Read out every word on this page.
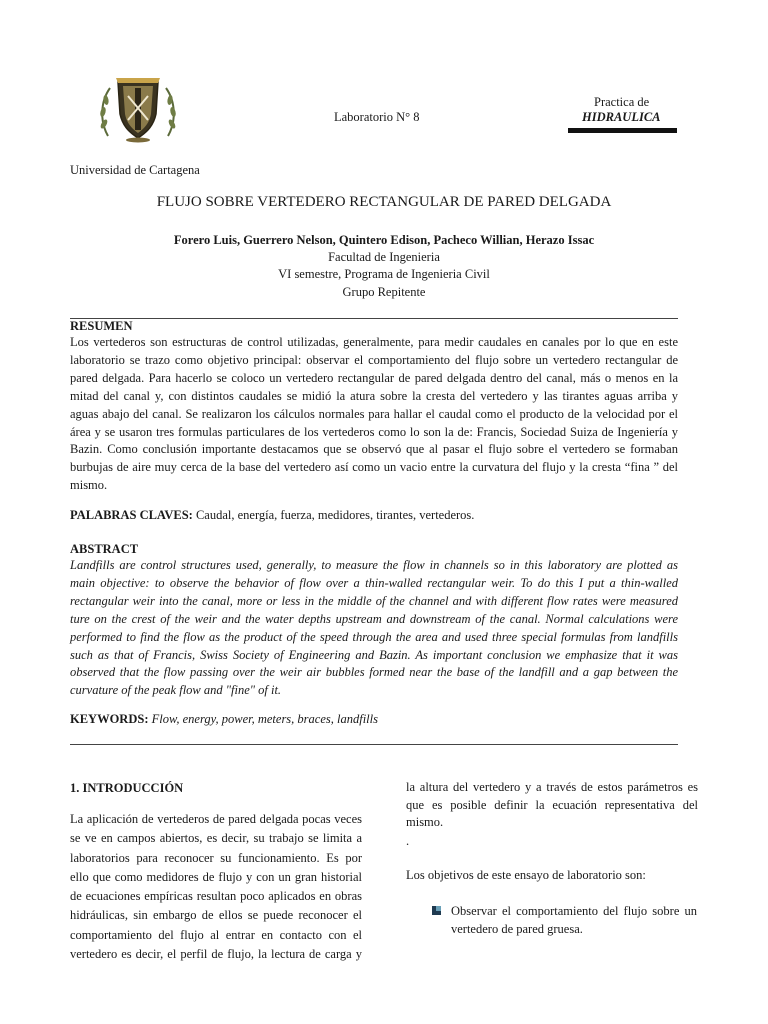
Laboratorio N° 8
Practica de
HIDRAULICA
Universidad de Cartagena
FLUJO SOBRE VERTEDERO RECTANGULAR DE PARED DELGADA
Forero Luis, Guerrero Nelson, Quintero Edison, Pacheco Willian, Herazo Issac
Facultad de Ingenieria
VI semestre, Programa de Ingenieria Civil
Grupo Repitente
RESUMEN
Los vertederos son estructuras de control utilizadas, generalmente, para medir caudales en canales por lo que en este
laboratorio se trazo como objetivo principal: observar el comportamiento del flujo sobre un vertedero rectangular de
pared delgada. Para hacerlo se coloco un vertedero rectangular de pared delgada dentro del canal, más o menos en la
mitad del canal y, con distintos caudales se midió la atura sobre la cresta del vertedero y las tirantes aguas arriba y
aguas abajo del canal. Se realizaron los cálculos normales para hallar el caudal como el producto de la velocidad por el
área y se usaron tres formulas particulares de los vertederos como lo son la de: Francis, Sociedad Suiza de Ingeniería y
Bazin. Como conclusión importante destacamos que se observó que al pasar el flujo sobre el vertedero se formaban
burbujas de aire muy cerca de la base del vertedero así como un vacio entre la curvatura del flujo y la cresta “fina ” del
mismo.
PALABRAS CLAVES: Caudal, energía, fuerza, medidores, tirantes, vertederos.
ABSTRACT
Landfills are control structures used, generally, to measure the flow in channels so in this laboratory are plotted as
main objective: to observe the behavior of flow over a thin-walled rectangular weir. To do this I put a thin-walled
rectangular weir into the canal, more or less in the middle of the channel and with different flow rates were measured
ture on the crest of the weir and the water depths upstream and downstream of the canal. Normal calculations were
performed to find the flow as the product of the speed through the area and used three special formulas from landfills
such as that of Francis, Swiss Society of Engineering and Bazin. As important conclusion we emphasize that it was
observed that the flow passing over the weir air bubbles formed near the base of the landfill and a gap between the
curvature of the peak flow and "fine" of it.
KEYWORDS: Flow, energy, power, meters, braces, landfills
1. INTRODUCCIÓN
La aplicación de vertederos de pared delgada pocas veces
se ve en campos abiertos, es decir, su trabajo se limita a
laboratorios para reconocer su funcionamiento. Es por
ello que como medidores de flujo y con un gran historial
de ecuaciones empíricas resultan poco aplicados en obras
hidráulicas, sin embargo de ellos se puede reconocer el
comportamiento del flujo al entrar en contacto con el
vertedero es decir, el perfil de flujo, la lectura de carga y
la altura del vertedero y a través de estos parámetros es
que es posible definir la ecuación representativa del
mismo.
.
Los objetivos de este ensayo de laboratorio son:
Observar el comportamiento del flujo sobre un
vertedero de pared gruesa.
